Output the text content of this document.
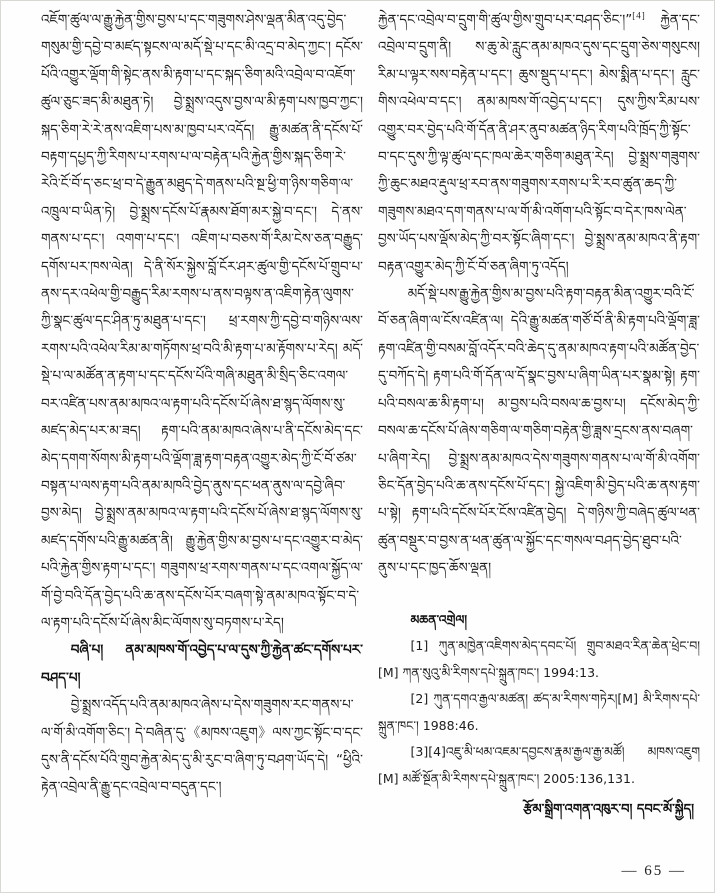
འཇོག་ཚུལ་ལ་རྒྱུ་རྐྱེན་གྱིས་བྱས་པ་དང་གཟུགས་ཤེས་ལྡན་མིན་འདུ་བྱེད་གསུམ་གྱི་དབྱེ་བ་མཛད་སྟངས་ལ་མདོ་སྡེ་པ་དང་མི་འདྲ་བ་མེད་ཀྱང་། དངོས་པོའི་འགྱུར་ལྡོག་གི་སྟེང་ནས་མི་རྟག་པ་དང་སྐད་ཅིག་མའི་འབྲེལ་བ་འཇོག་ཚུལ་ཅུང་ཟད་མི་མཐུན་ཏེ། བྱེ་སྨྲས་འདུས་བྱས་ལ་མི་རྟག་པས་ཁྱབ་ཀྱང་། སྐད་ཅིག་རེ་རེ་ནས་འཇིག་པས་མ་ཁྱབ་པར་འདོད། རྒྱུ་མཚན་ནི་དངོས་པོ་བརྟག་དཔྱད་ཀྱི་རིགས་པ་རགས་པ་ལ་བརྟེན་པའི་རྐྱེན་གྱིས་སྐད་ཅིག་རེ་རེའི་ངོ་བོ་ད་ཅང་ཕྲ་བ་དེ་རྒྱུན་མཐུད་དེ་གནས་པའི་སྔ་ཕྱི་ག་ཉིས་གཅིག་ལ་འཁྲུལ་བ་ཡིན་ཏེ། བྱེ་སྨྲས་དངོས་པོ་རྣམས་ཐོག་མར་སྐྱེ་བ་དང་། དེ་ནས་གནས་པ་དང་། འགག་པ་དང་། འཇིག་པ་བཅས་གོ་རིམ་ངེས་ཅན་བརྒྱུད་དགོས་པར་ཁས་ལེན། དེ་ནི་སོར་སྐྱེས་བློ་ངོར་ཤར་ཚུལ་གྱི་དངོས་པོ་གྲུབ་པ་ནས་དར་འཕེལ་གྱི་བརྒྱུད་རིམ་རགས་པ་ནས་བལྟས་ན་འཇིག་རྟེན་ལུགས་ཀྱི་སྣང་ཚུལ་དང་ཤིན་ཏུ་མཐུན་པ་དང་། ཕྲ་རགས་ཀྱི་དབྱེ་བ་གཉིས་ལས་རགས་པའི་འཕེལ་རིམ་མ་གཏོགས་ཕྲ་བའི་མི་རྟག་པ་མ་རྟོགས་པ་རེད། མདོ་སྡེ་པ་ལ་མཚོན་ན་རྟག་པ་དང་དངོས་པོའི་གཞི་མཐུན་མི་སྲིད་ཅིང་འགལ་བར་འཛིན་པས་ནམ་མཁའ་ལ་རྟག་པའི་དངོས་པོ་ཞེས་ཐ་སྙད་ལོགས་སུ་མཛད་མེད་པར་མ་ཟད། རྟག་པའི་ནམ་མཁའ་ཞེས་པ་ནི་དངོས་མེད་དང་མེད་དགག་སོགས་མི་རྟག་པའི་ལྡོག་ཟླ་རྟག་བརྟན་འགྱུར་མེད་ཀྱི་ངོ་བོ་ཙམ་བསྟན་པ་ལས་རྟག་པའི་ནམ་མཁའི་བྱེད་ནུས་དང་ཕན་ནུས་ལ་དབྱེ་ཞིབ་བྱས་མེད། བྱེ་སྨྲས་ནམ་མཁའ་ལ་རྟག་པའི་དངོས་པོ་ཞེས་ཐ་སྙད་ལོགས་སུ་མཛད་དགོས་པའི་རྒྱུ་མཚན་ནི། རྒྱུ་རྐྱེན་གྱིས་མ་བྱས་པ་དང་འགྱུར་བ་མེད་པའི་རྐྱེན་གྱིས་རྟག་པ་དང་། གཟུགས་ཕྲ་རགས་གནས་པ་དང་འགལ་སྐྱོད་ལ་གོ་བྱེ་བའི་དོན་བྱེད་པའི་ཆ་ནས་དངོས་པོར་བཞག་སྟེ་ནམ་མཁའ་སྟོང་བ་དེ་ལ་རྟག་པའི་དངོས་པོ་ཞེས་མིང་ལོགས་སུ་བཏགས་པ་རེད།
བཞི་པ། ནམ་མཁས་གོ་འབྱེད་པ་ལ་དུས་ཀྱི་རྐྱེན་ཚང་དགོས་པར་བཤད་པ།
བྱེ་སྨྲས་འདོད་པའི་ནམ་མཁའ་ཞེས་པ་དེས་གཟུགས་རང་གནས་པ་ལ་གོ་མི་འགོག་ཅིང་། དེ་བཞིན་དུ་《མཁས་འཇུག》ལས་ཀྱང་སྟོང་བ་དང་དུས་ནི་དངོས་པོའི་གྲུབ་རྐྱེན་མེད་དུ་མི་རུང་བ་ཞིག་ཏུ་བཤག་ཡོད་དེ། “ཕྱིའི་རྟེན་འབྲེལ་ནི་རྒྱུ་དང་འབྲེལ་བ་བདུན་དང་།
རྐྱེན་དང་འབྲེལ་བ་དྲུག་གི་ཚུལ་གྱིས་གྲུབ་པར་བཤད་ཅིང་།”[4] རྐྱེན་དང་འབྲེལ་བ་དྲུག་ནི། ས་ཆུ་མེ་རླུང་ནམ་མཁའ་དུས་དང་དྲུག་ཅེས་གསུངས། རིམ་པ་ལྟར་སས་བརྟེན་པ་དང་། ཆུས་སྡུད་པ་དང་། མེས་སྨིན་པ་དང་། རླུང་གིས་འཕེལ་བ་དང་། ནམ་མཁས་གོ་འབྱེད་པ་དང་། དུས་ཀྱིས་རིམ་པས་འགྱུར་བར་བྱེད་པའི་གོ་དོན་ནི་ཤར་ནུབ་མཚན་ཉིད་རིག་པའི་ཁྲོད་ཀྱི་སྟོང་བ་དང་དུས་ཀྱི་ལྟ་ཚུལ་དང་ཁལ་ཆེར་གཅིག་མཐུན་རེད། བྱེ་སྨྲས་གཟུགས་ཀྱི་ཆུང་མཐའ་རྡུལ་ཕྲ་རབ་ནས་གཟུགས་རགས་པ་རི་རབ་ཚུན་ཆད་ཀྱི་གཟུགས་མཐའ་དག་གནས་པ་ལ་གོ་མི་འགོག་པའི་སྟོང་བ་དེར་ཁས་ལེན་བྱས་ཡོད་པས་ལྡོས་མེད་ཀྱི་བར་སྟོང་ཞིག་དང་། བྱེ་སྨྲས་ནམ་མཁའ་ནི་རྟག་བརྟན་འགྱུར་མེད་ཀྱི་ངོ་བོ་ཅན་ཞིག་ཏུ་འདོད།
མདོ་སྡེ་པས་རྒྱུ་རྐྱེན་གྱིས་མ་བྱས་པའི་རྟག་བརྟན་མིན་འགྱུར་བའི་ངོ་བོ་ཅན་ཞིག་ལ་ངོས་འཛིན་ལ། དེའི་རྒྱུ་མཚན་གཙོ་བོ་ནི་མི་རྟག་པའི་ལྡོག་ཟླ་རྟག་འཛིན་གྱི་བསམ་བློ་འདོར་བའི་ཆེད་དུ་ནམ་མཁའ་རྟག་པའི་མཚོན་བྱེད་དུ་བཀོད་དེ། རྟག་པའི་གོ་དོན་ལ་དོ་སྣང་བྱས་པ་ཞིག་ཡིན་པར་སྣམ་སྟེ། རྟག་པའི་བསལ་ཆ་མི་རྟག་པ། མ་བྱས་པའི་བསལ་ཆ་བྱས་པ། དངོས་མེད་ཀྱི་བསལ་ཆ་དངོས་པོ་ཞེས་གཅིག་ལ་གཅིག་བརྟེན་གྱི་ཟླས་དྲངས་ནས་བཞག་པ་ཞིག་རེད། བྱེ་སྨྲས་ནམ་མཁའ་དེས་གཟུགས་གནས་པ་ལ་གོ་མི་འགོག་ཅིང་དོན་བྱེད་པའི་ཆ་ནས་དངོས་པོ་དང་། སྐྱེ་འཇིག་མི་བྱེད་པའི་ཆ་ནས་རྟག་པ་སྟེ། རྟག་པའི་དངོས་པོར་ངོས་འཛིན་བྱེད། དེ་གཉིས་ཀྱི་བཞེད་ཚུལ་ཕན་ཚུན་བསྡུར་བ་བྱས་ན་ཕན་ཚུན་ལ་སྐྱོང་དང་གསལ་བཤད་བྱེད་ཐུབ་པའི་ནུས་པ་དང་ཁྱད་ཆོས་ལྡན།
མཆན་འགྲེལ།
[1] ཀུན་མཁྱེན་འཇིགས་མེད་དབང་པོ། གྲུབ་མཐའ་རིན་ཆེན་ཕྲེང་བ། [M] ཀན་སུའུ་མི་རིགས་དཔེ་སྐྲུན་ཁང་། 1994:13.
[2] ཀུན་དགའ་རྒྱལ་མཚན། ཚད་མ་རིགས་གཏེར།[M] མི་རིགས་དཔེ་སྐྲུན་ཁང་། 1988:46.
[3][4]འཇུ་མི་ཕམ་འཇམ་དབྱངས་རྣམ་རྒྱལ་རྒྱ་མཚོ། མཁས་འཇུག [M] མཚོ་སྔོན་མི་རིགས་དཔེ་སྐྲུན་ཁང་། 2005:136,131.
རྩོམ་སྒྲིག་འགན་འཁུར་བ། དབང་མོ་སྐྱིད།
— 65 —
